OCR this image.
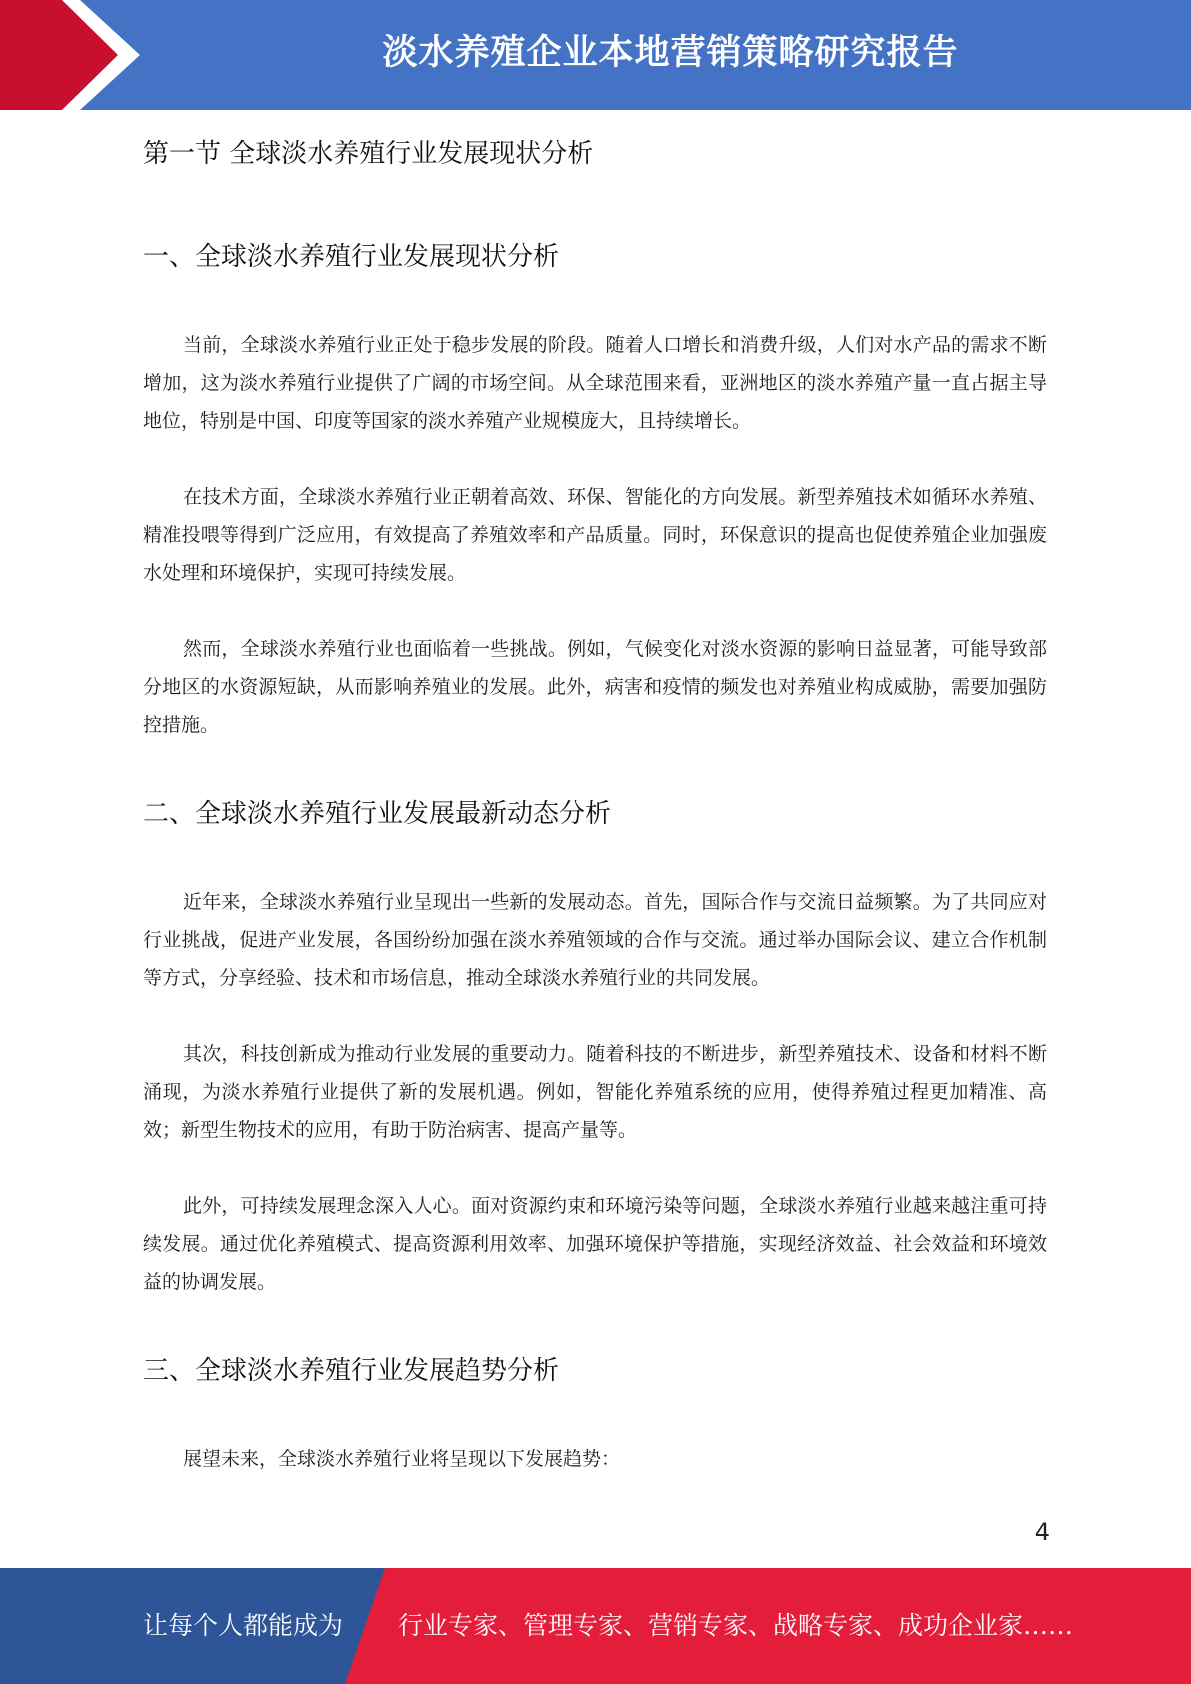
淡水养殖企业本地营销策略研究报告
第一节 全球淡水养殖行业发展现状分析
一、全球淡水养殖行业发展现状分析

当前，全球淡水养殖行业正处于稳步发展的阶段。随着人口增长和消费升级，人们对水产品的需求不断增加，这为淡水养殖行业提供了广阔的市场空间。从全球范围来看，亚洲地区的淡水养殖产量一直占据主导地位，特别是中国、印度等国家的淡水养殖产业规模庞大，且持续增长。

在技术方面，全球淡水养殖行业正朝着高效、环保、智能化的方向发展。新型养殖技术如循环水养殖、精准投喂等得到广泛应用，有效提高了养殖效率和产品质量。同时，环保意识的提高也促使养殖企业加强废水处理和环境保护，实现可持续发展。

然而，全球淡水养殖行业也面临着一些挑战。例如，气候变化对淡水资源的影响日益显著，可能导致部分地区的水资源短缺，从而影响养殖业的发展。此外，病害和疫情的频发也对养殖业构成威胁，需要加强防控措施。

二、全球淡水养殖行业发展最新动态分析

近年来，全球淡水养殖行业呈现出一些新的发展动态。首先，国际合作与交流日益频繁。为了共同应对行业挑战，促进产业发展，各国纷纷加强在淡水养殖领域的合作与交流。通过举办国际会议、建立合作机制等方式，分享经验、技术和市场信息，推动全球淡水养殖行业的共同发展。

其次，科技创新成为推动行业发展的重要动力。随着科技的不断进步，新型养殖技术、设备和材料不断涌现，为淡水养殖行业提供了新的发展机遇。例如，智能化养殖系统的应用，使得养殖过程更加精准、高效；新型生物技术的应用，有助于防治病害、提高产量等。

此外，可持续发展理念深入人心。面对资源约束和环境污染等问题，全球淡水养殖行业越来越注重可持续发展。通过优化养殖模式、提高资源利用效率、加强环境保护等措施，实现经济效益、社会效益和环境效益的协调发展。

三、全球淡水养殖行业发展趋势分析

展望未来，全球淡水养殖行业将呈现以下发展趋势：

4
让每个人都能成为 行业专家、管理专家、营销专家、战略专家、成功企业家……
